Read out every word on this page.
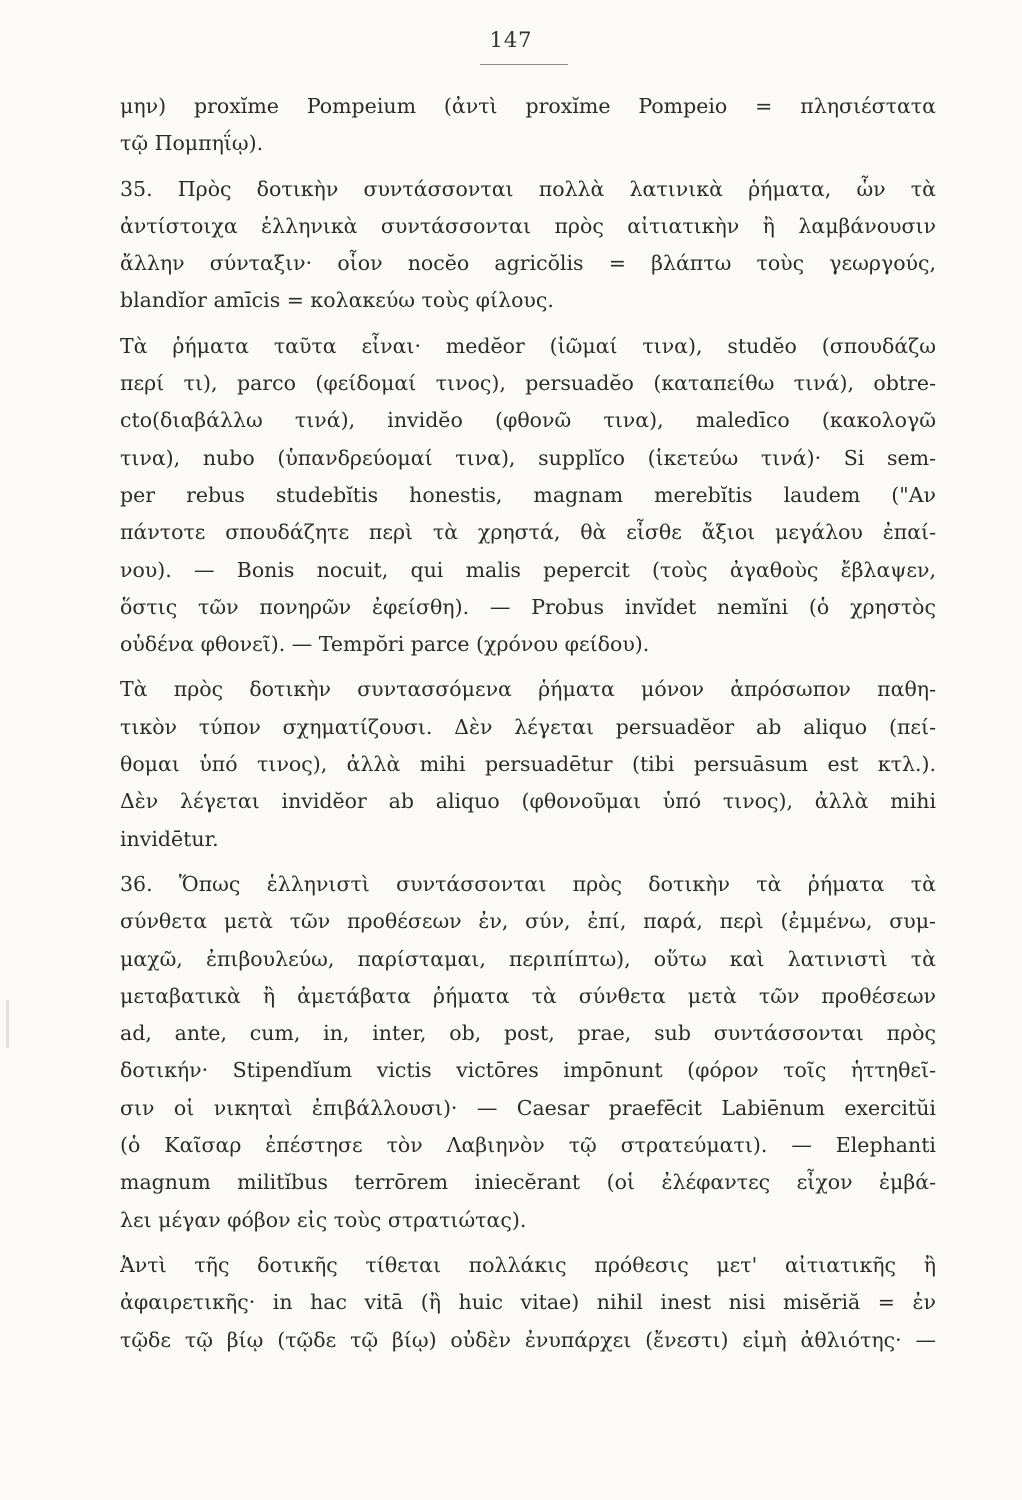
147
μην) proxĭme Pompeium (ἀντὶ proxĭme Pompeio = πλησιέστατα
τῷ Πομπηΐῳ).
35. Πρὸς δοτικὴν συντάσσονται πολλὰ λατινικὰ ῥήματα, ὧν τὰ
ἀντίστοιχα ἑλληνικὰ συντάσσονται πρὸς αἰτιατικὴν ἢ λαμβάνουσιν
ἄλλην σύνταξιν· οἷον nocĕo agricŏlis = βλάπτω τοὺς γεωργούς,
blandĭor amīcis = κολακεύω τοὺς φίλους.
Τὰ ῥήματα ταῦτα εἶναι· medĕor (ἰῶμαί τινα), studĕo (σπουδάζω
περί τι), parco (φείδομαί τινος), persuadĕo (καταπείθω τινά), obtre-
cto(διαβάλλω τινά), invidĕo (φθονῶ τινα), maledīco (κακολογῶ
τινα), nubo (ὑπανδρεύομαί τινα), supplĭco (ἱκετεύω τινά)· Si sem-
per rebus studebĭtis honestis, magnam merebĭtis laudem ("Αν
πάντοτε σπουδάζητε περὶ τὰ χρηστά, θὰ εἶσθε ἄξιοι μεγάλου ἐπαί-
νου). — Bonis nocuit, qui malis pepercit (τοὺς ἀγαθοὺς ἔβλαψεν,
ὅστις τῶν πονηρῶν ἐφείσθη). — Probus invĭdet nemĭni (ὁ χρηστὸς
οὐδένα φθονεῖ). — Tempŏri parce (χρόνου φείδου).
Τὰ πρὸς δοτικὴν συντασσόμενα ῥήματα μόνον ἀπρόσωπον παθη-
τικὸν τύπον σχηματίζουσι. Δὲν λέγεται persuadĕor ab aliquo (πεί-
θομαι ὑπό τινος), ἀλλὰ mihi persuadētur (tibi persuāsum est κτλ.).
Δὲν λέγεται invidĕor ab aliquo (φθονοῦμαι ὑπό τινος), ἀλλὰ mihi
invidētur.
36. Ὅπως ἑλληνιστὶ συντάσσονται πρὸς δοτικὴν τὰ ῥήματα τὰ
σύνθετα μετὰ τῶν προθέσεων ἐν, σύν, ἐπί, παρά, περὶ (ἐμμένω, συμ-
μαχῶ, ἐπιβουλεύω, παρίσταμαι, περιπίπτω), οὕτω καὶ λατινιστὶ τὰ
μεταβατικὰ ἢ ἀμετάβατα ῥήματα τὰ σύνθετα μετὰ τῶν προθέσεων
ad, ante, cum, in, inter, ob, post, prae, sub συντάσσονται πρὸς
δοτικήν· Stipendĭum victis victōres impōnunt (φόρον τοῖς ἡττηθεῖ-
σιν οἱ νικηταὶ ἐπιβάλλουσι)· — Caesar praefēcit Labiēnum exercitŭi
(ὁ Καῖσαρ ἐπέστησε τὸν Λαβιηνὸν τῷ στρατεύματι). — Elephanti
magnum militĭbus terrōrem iniecĕrant (οἱ ἐλέφαντες εἶχον ἐμβά-
λει μέγαν φόβον εἰς τοὺς στρατιώτας).
Ἀντὶ τῆς δοτικῆς τίθεται πολλάκις πρόθεσις μετ' αἰτιατικῆς ἢ
ἀφαιρετικῆς· in hac vitā (ἢ huic vitae) nihil inest nisi misĕriă = ἐν
τῷδε τῷ βίῳ (τῷδε τῷ βίῳ) οὐδὲν ἐνυπάρχει (ἔνεστι) εἰμὴ ἀθλιότης· —
